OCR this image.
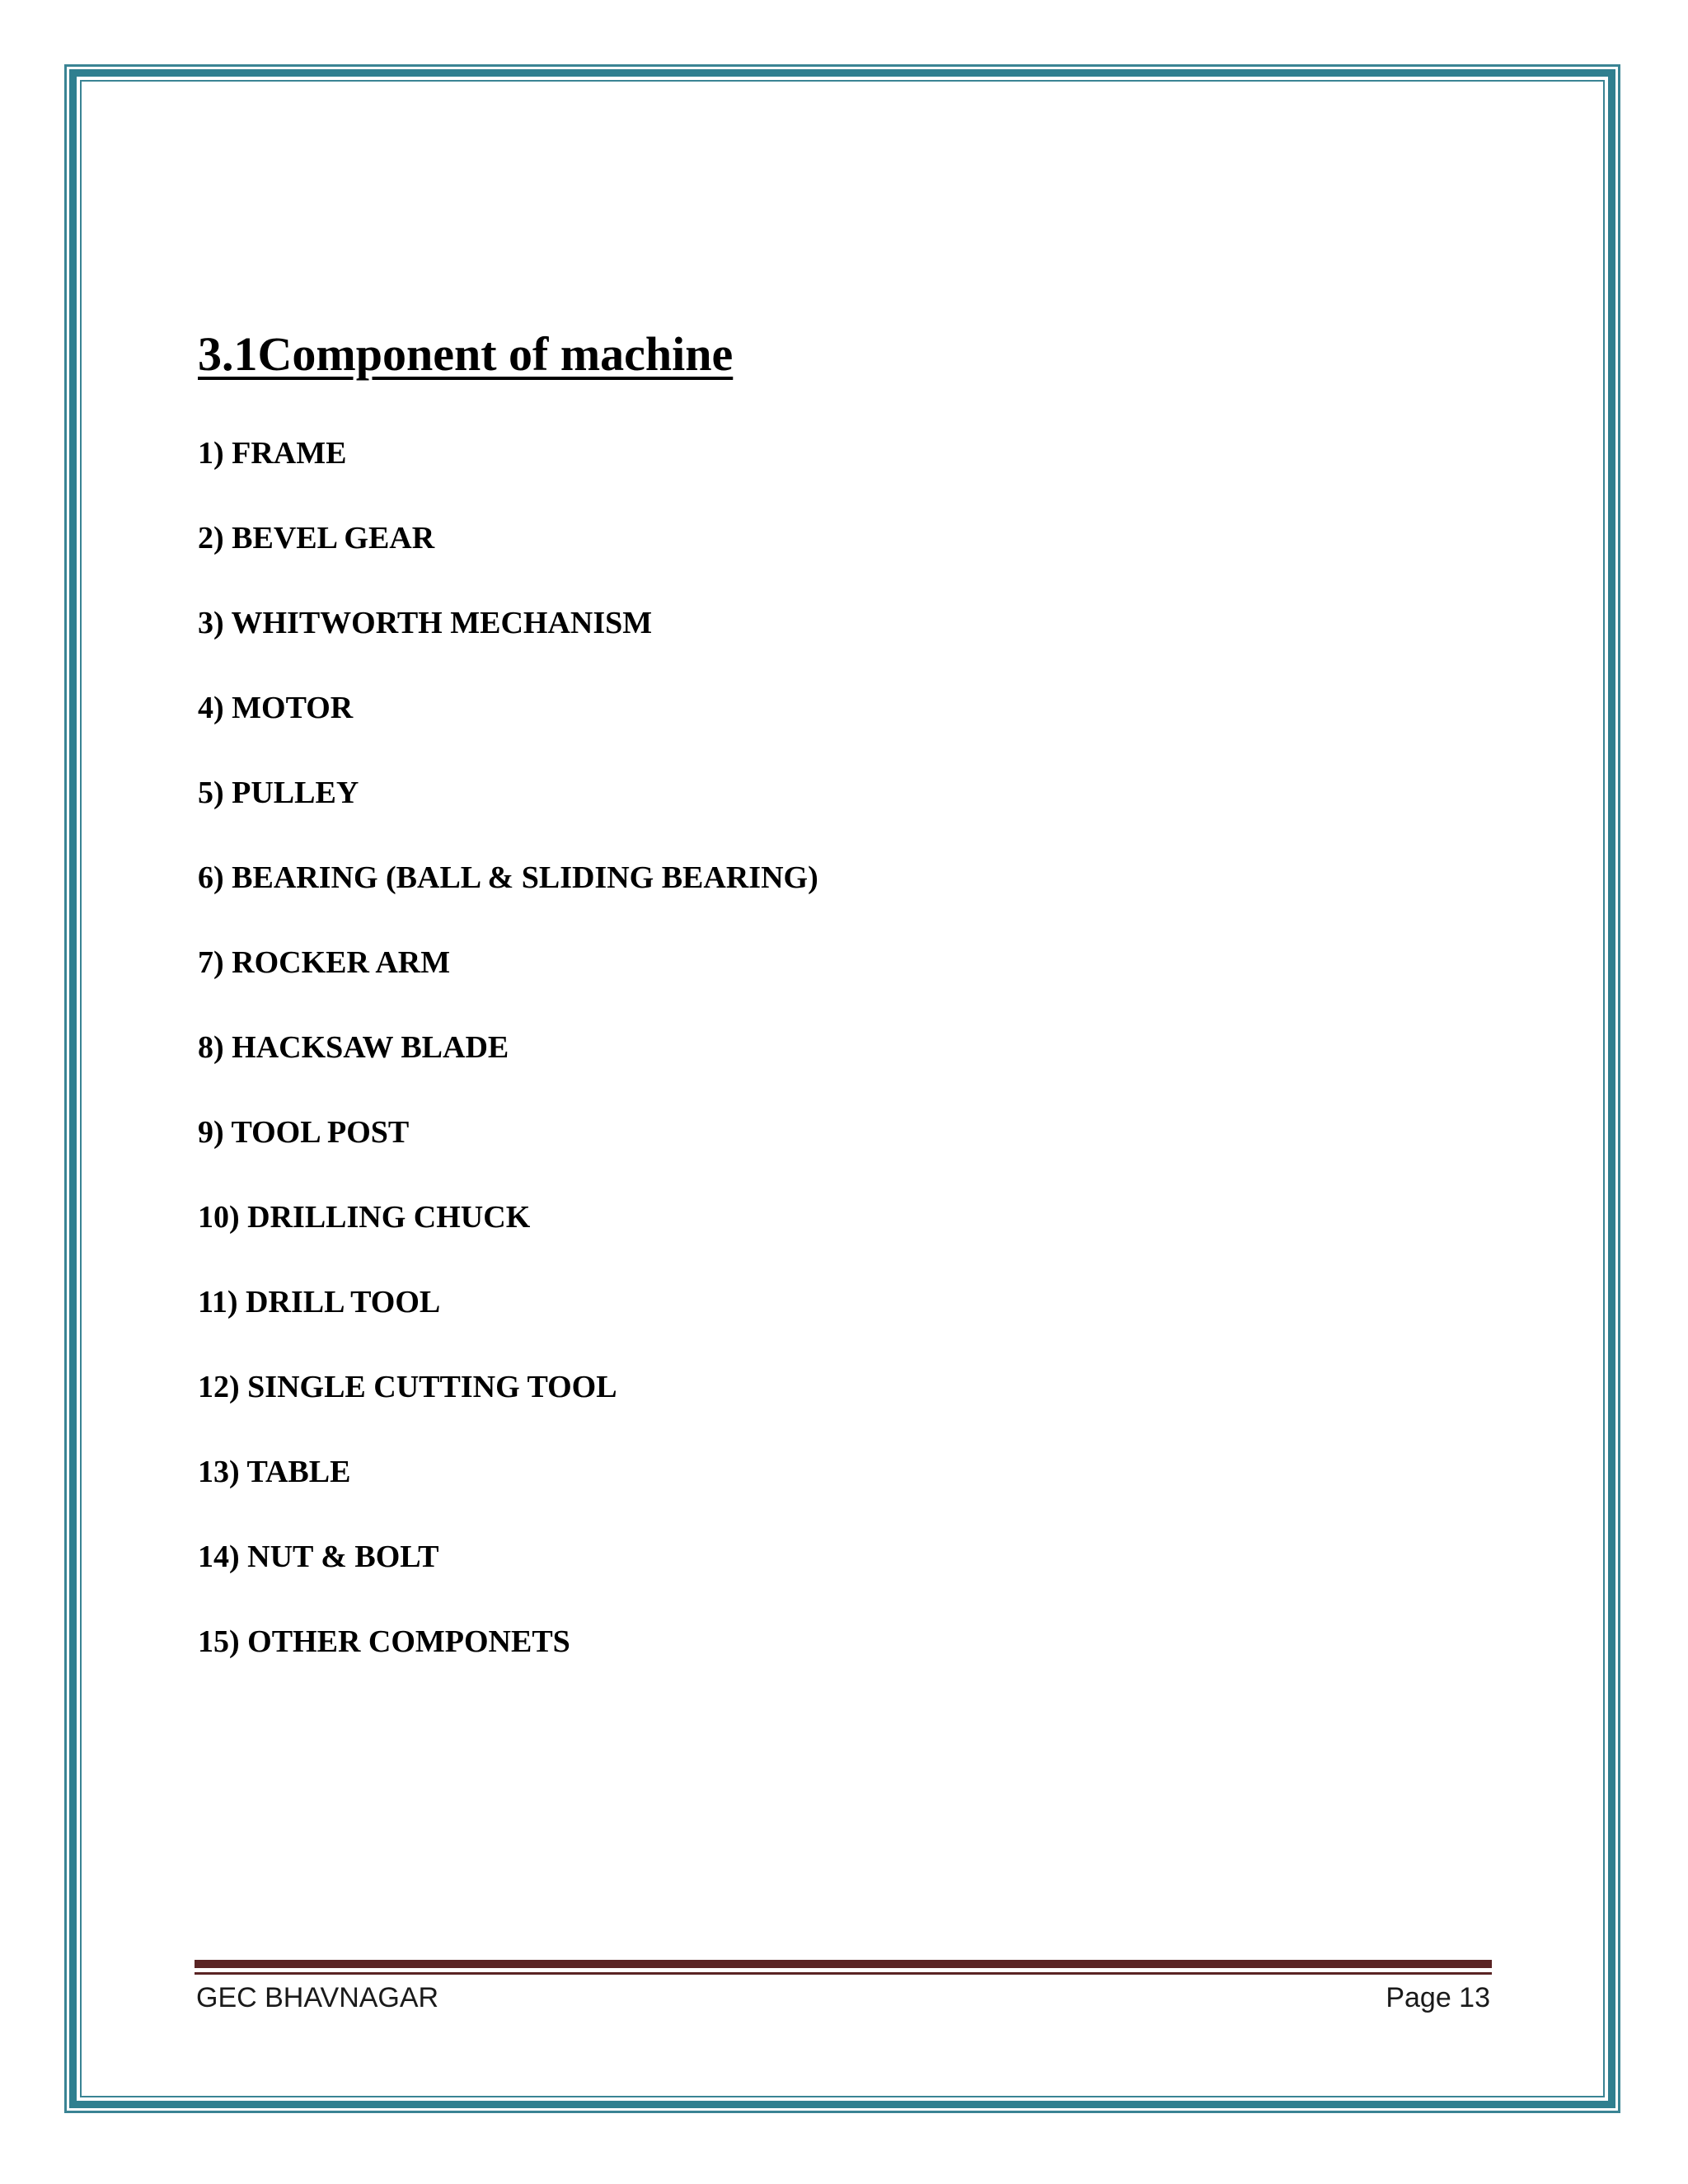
3.1Component of machine
1) FRAME
2) BEVEL GEAR
3) WHITWORTH MECHANISM
4) MOTOR
5) PULLEY
6) BEARING (BALL & SLIDING BEARING)
7) ROCKER ARM
8) HACKSAW BLADE
9) TOOL POST
10) DRILLING CHUCK
11) DRILL TOOL
12) SINGLE CUTTING TOOL
13) TABLE
14) NUT & BOLT
15) OTHER COMPONETS
GEC BHAVNAGAR	Page 13
